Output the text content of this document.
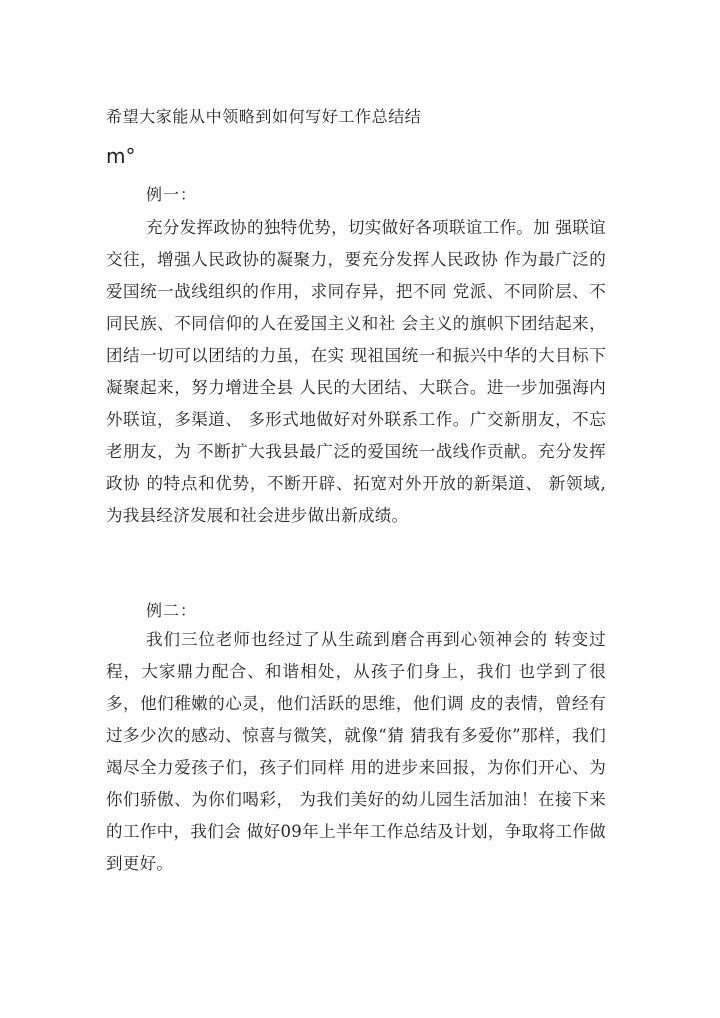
希望大家能从中领略到如何写好工作总结结
m°
例一：

充分发挥政协的独特优势，切实做好各项联谊工作。加 强联谊交往，增强人民政协的凝聚力，要充分发挥人民政协 作为最广泛的爱国统一战线组织的作用，求同存异，把不同 党派、不同阶层、不同民族、不同信仰的人在爱国主义和社 会主义的旗帜下团结起来，团结一切可以团结的力虽，在实 现祖国统一和振兴中华的大目标下凝聚起来，努力增进全县 人民的大团结、大联合。进一步加强海内外联谊，多渠道、 多形式地做好对外联系工作。广交新朋友，不忘老朋友，为 不断扩大我县最广泛的爱国统一战线作贡献。充分发挥政协 的特点和优势，不断开辟、拓宽对外开放的新渠道、 新领域, 为我县经济发展和社会进步做出新成绩。

例二：

我们三位老师也经过了从生疏到磨合再到心领神会的 转变过程，大家鼎力配合、和谐相处，从孩子们身上，我们 也学到了很多，他们稚嫩的心灵，他们活跃的思维，他们调 皮的表情，曾经有过多少次的感动、惊喜与微笑，就像“猜 猜我有多爱你”那样，我们竭尽全力爱孩子们，孩子们同样 用的进步来回报，为你们开心、为你们骄傲、为你们喝彩， 为我们美好的幼儿园生活加油！在接下来的工作中，我们会 做好09年上半年工作总结及计划，争取将工作做到更好。
